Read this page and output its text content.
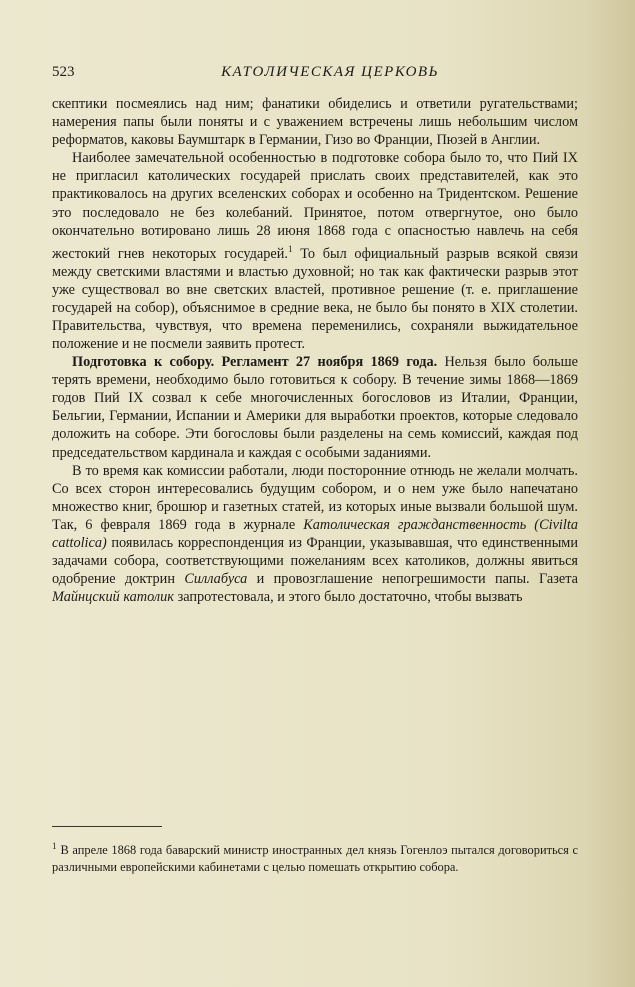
523	КАТОЛИЧЕСКАЯ ЦЕРКОВЬ

скептики посмеялись над ним; фанатики обиделись и ответили ругательствами; намерения папы были поняты и с уважением встречены лишь небольшим числом реформатов, каковы Баумштарк в Германии, Гизо во Франции, Пюзей в Англии.

Наиболее замечательной особенностью в подготовке собора было то, что Пий IX не пригласил католических государей прислать своих представителей, как это практиковалось на других вселенских соборах и особенно на Тридентском. Решение это последовало не без колебаний. Принятое, потом отвергнутое, оно было окончательно вотировано лишь 28 июня 1868 года с опасностью навлечь на себя жестокий гнев некоторых государей.$^1$ То был официальный разрыв всякой связи между светскими властями и властью духовной; но так как фактически разрыв этот уже существовал во вне светских властей, противное решение (т. е. приглашение государей на собор), объяснимое в средние века, не было бы понято в XIX столетии. Правительства, чувствуя, что времена переменились, сохраняли выжидательное положение и не посмели заявить протест.

Подготовка к собору. Регламент 27 ноября 1869 года. Нельзя было больше терять времени, необходимо было готовиться к собору. В течение зимы 1868—1869 годов Пий IX созвал к себе многочисленных богословов из Италии, Франции, Бельгии, Германии, Испании и Америки для выработки проектов, которые следовало доложить на соборе. Эти богословы были разделены на семь комиссий, каждая под председательством кардинала и каждая с особыми заданиями.

В то время как комиссии работали, люди посторонние отнюдь не желали молчать. Со всех сторон интересовались будущим собором, и о нем уже было напечатано множество книг, брошюр и газетных статей, из которых иные вызвали большой шум. Так, 6 февраля 1869 года в журнале Католическая гражданственность (Civilta cattolica) появилась корреспонденция из Франции, указывавшая, что единственными задачами собора, соответствующими пожеланиям всех католиков, должны явиться одобрение доктрин Силлабуса и провозглашение непогрешимости папы. Газета Майнцский католик запротестовала, и этого было достаточно, чтобы вызвать

$^1$ В апреле 1868 года баварский министр иностранных дел князь Гогенлоэ пытался договориться с различными европейскими кабинетами с целью помешать открытию собора.
